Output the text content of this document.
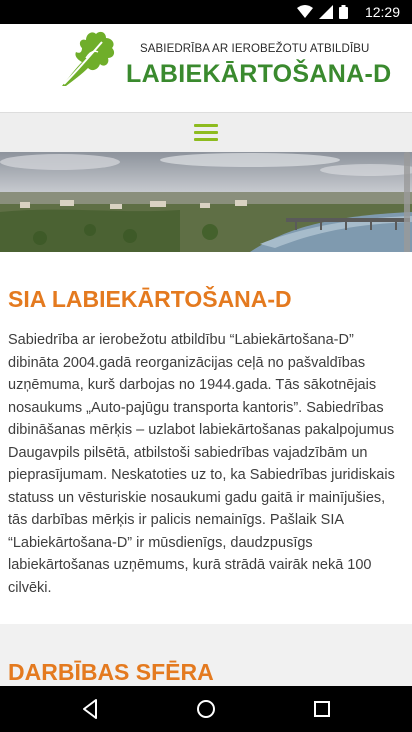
12:29
SABIEDRĪBA AR IEROBEŽOTU ATBILDĪBU
LABIEKĀRTOŠANA-D
SIA LABIEKĀRTOŠANA-D

Sabiedrība ar ierobežotu atbildību “Labiekārtošana-D” dibināta 2004.gadā reorganizācijas ceļā no pašvaldības uzņēmuma, kurš darbojas no 1944.gada. Tās sākotnējais nosaukums „Auto-pajūgu transporta kantoris”. Sabiedrības dibināšanas mērķis – uzlabot labiekārtošanas pakalpojumus Daugavpils pilsētā, atbilstoši sabiedrības vajadzībām un pieprasījumam. Neskatoties uz to, ka Sabiedrības juridiskais statuss un vēsturiskie nosaukumi gadu gaitā ir mainījušies, tās darbības mērķis ir palicis nemainīgs. Pašlaik SIA “Labiekārtošana-D” ir mūsdienīgs, daudzpusīgs labiekārtošanas uzņēmums, kurā strādā vairāk nekā 100 cilvēki.

DARBĪBAS SFĒRA
